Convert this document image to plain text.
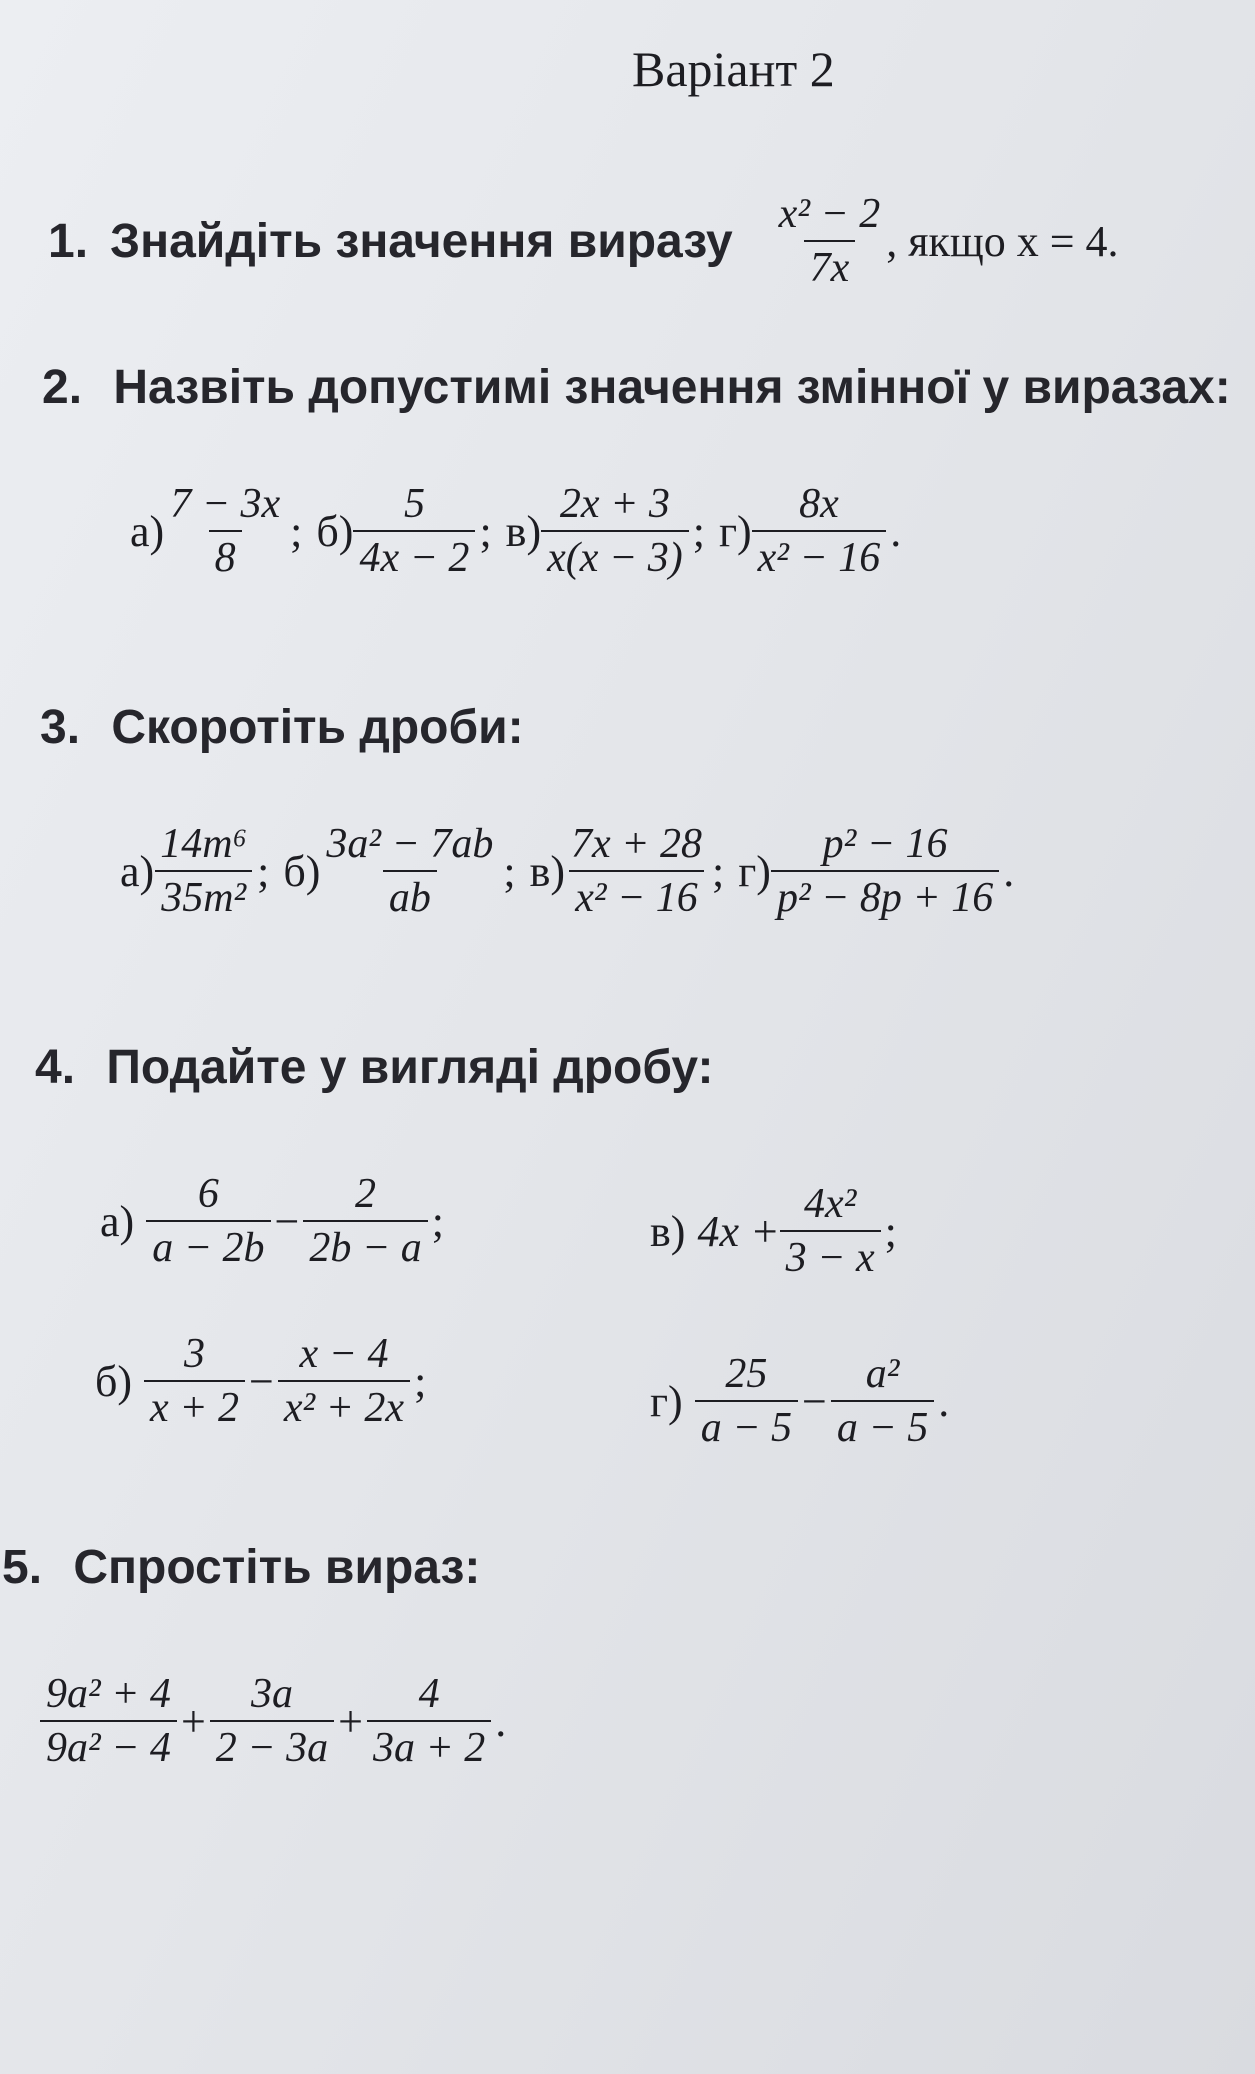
Варіант 2
1. Знайдіть значення виразу $\frac{\text{x² − 2}}{7x}$ , якщо x = 4.
2. Назвіть допустимі значення змінної у виразах:
$а) \frac{7 - 3x}{8}$ ; $б) \frac{5}{4x - 2}$ ; $в) \frac{2x + 3}{x(x - 3)}$ ; $г) \frac{8x}{\text{x² − 16}}$ .
3. Скоротіть дроби:
$а) \frac{\text{14m⁶}}{\text{35m²}}$ ; $б) \frac{\text{3a² − 7ab}}{ab}$ ; $в) \frac{7x + 28}{\text{x² − 16}}$ ; $г) \frac{\text{p² − 16}}{\text{p² − 8p + 16}}$ .
4. Подайте у вигляді дробу:
$а) \frac{6}{a - 2b} - \frac{2}{2b - a}$ ;	в) $4x + \frac{\text{4x²}}{3 - x}$ ;
$б) \frac{3}{x + 2} - \frac{x - 4}{\text{x² + 2x}}$ ;	$г) \frac{25}{a - 5} - \frac{\text{a²}}{a - 5}$ .
5. Спростіть вираз:
$\frac{\text{9a² + 4}}{\text{9a² − 4}} + \frac{3a}{2 - 3a} + \frac{4}{3a + 2}$ .
